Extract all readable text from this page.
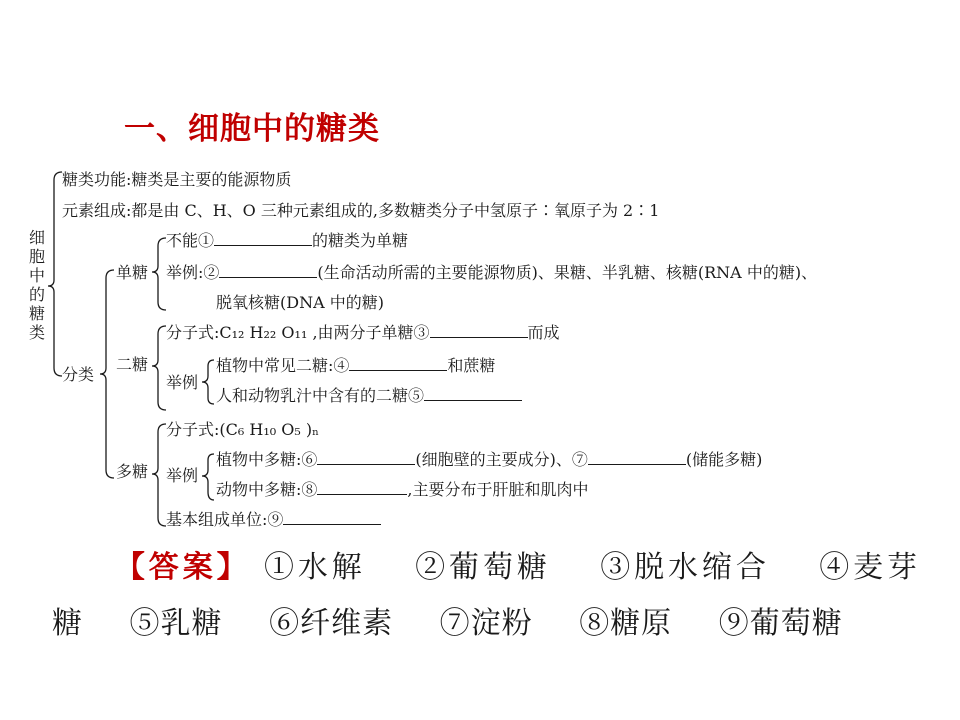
一、细胞中的糖类
细胞中的糖类
糖类功能:糖类是主要的能源物质
元素组成:都是由 C、H、O 三种元素组成的,多数糖类分子中氢原子∶氧原子为 2∶1
分类
单糖
不能①	的糖类为单糖
举例:②	(生命活动所需的主要能源物质)、果糖、半乳糖、核糖(RNA 中的糖)、
脱氧核糖(DNA 中的糖)
二糖
分子式:C₁₂ H₂₂ O₁₁ ,由两分子单糖③	而成
举例
植物中常见二糖:④	和蔗糖
人和动物乳汁中含有的二糖⑤
多糖
分子式:(C₆ H₁₀ O₅ )ₙ
举例
植物中多糖:⑥	(细胞壁的主要成分)、⑦	(储能多糖)
动物中多糖:⑧	,主要分布于肝脏和肌肉中
基本组成单位:⑨
【答案】 ①水解 ②葡萄糖 ③脱水缩合 ④麦芽糖 ⑤乳糖 ⑥纤维素 ⑦淀粉 ⑧糖原 ⑨葡萄糖
